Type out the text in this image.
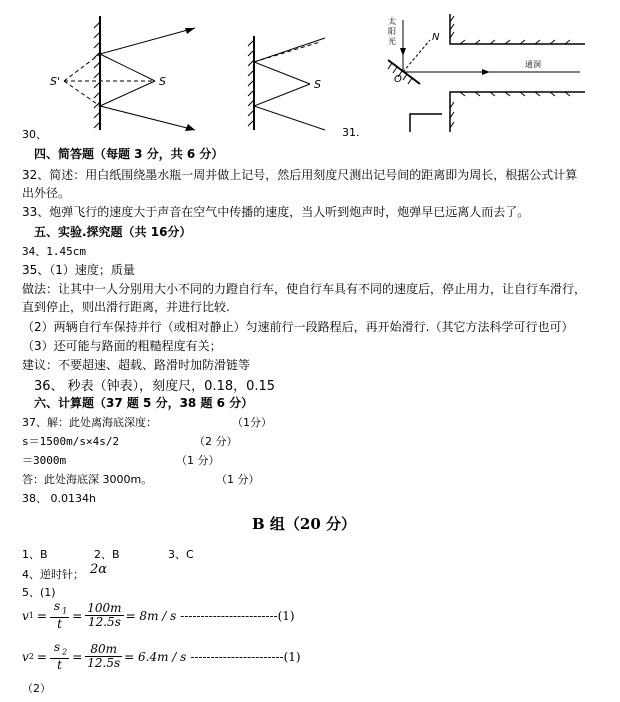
S'	S	S
太
阳
光	N
O
通洞
30、	31.
四、简答题（每题 3 分，共 6 分）
32、简述：用白纸围绕墨水瓶一周并做上记号，然后用刻度尺测出记号间的距离即为周长，根据公式计算
出外径。
33、炮弹飞行的速度大于声音在空气中传播的速度，当人听到炮声时，炮弹早已远离人而去了。
五、实验.探究题（共 16分）
34、1.45cm
35、（1）速度；质量
做法：让其中一人分别用大小不同的力蹬自行车，使自行车具有不同的速度后，停止用力，让自行车滑行，
直到停止，则出滑行距离，并进行比较.
（2）两辆自行车保持并行（或相对静止）匀速前行一段路程后，再开始滑行.（其它方法科学可行也可）
（3）还可能与路面的粗糙程度有关；
建议：不要超速、超载、路滑时加防滑链等
36、 秒表（钟表），刻度尺，0.18，0.15
六、计算题（37 题 5 分，38 题 6 分）
37、解：此处离海底深度：	（1分）
s＝1500m/s×4s/2	（2 分）
＝3000m	（1 分）
答：此处海底深 3000m。	（1 分）
38、 0.0134h
B 组（20 分）
1、B	2、B	3、C
4、逆时针； 2α
5、(1)
v $1 = \frac{s _1}{t} = \frac{100m}{12.5s} = 8m / s$ ------------------------(1)
v $2 = \frac{s _2}{t} = \frac{80m}{12.5s} = 6.4m / s$ -----------------------(1)
（2）
